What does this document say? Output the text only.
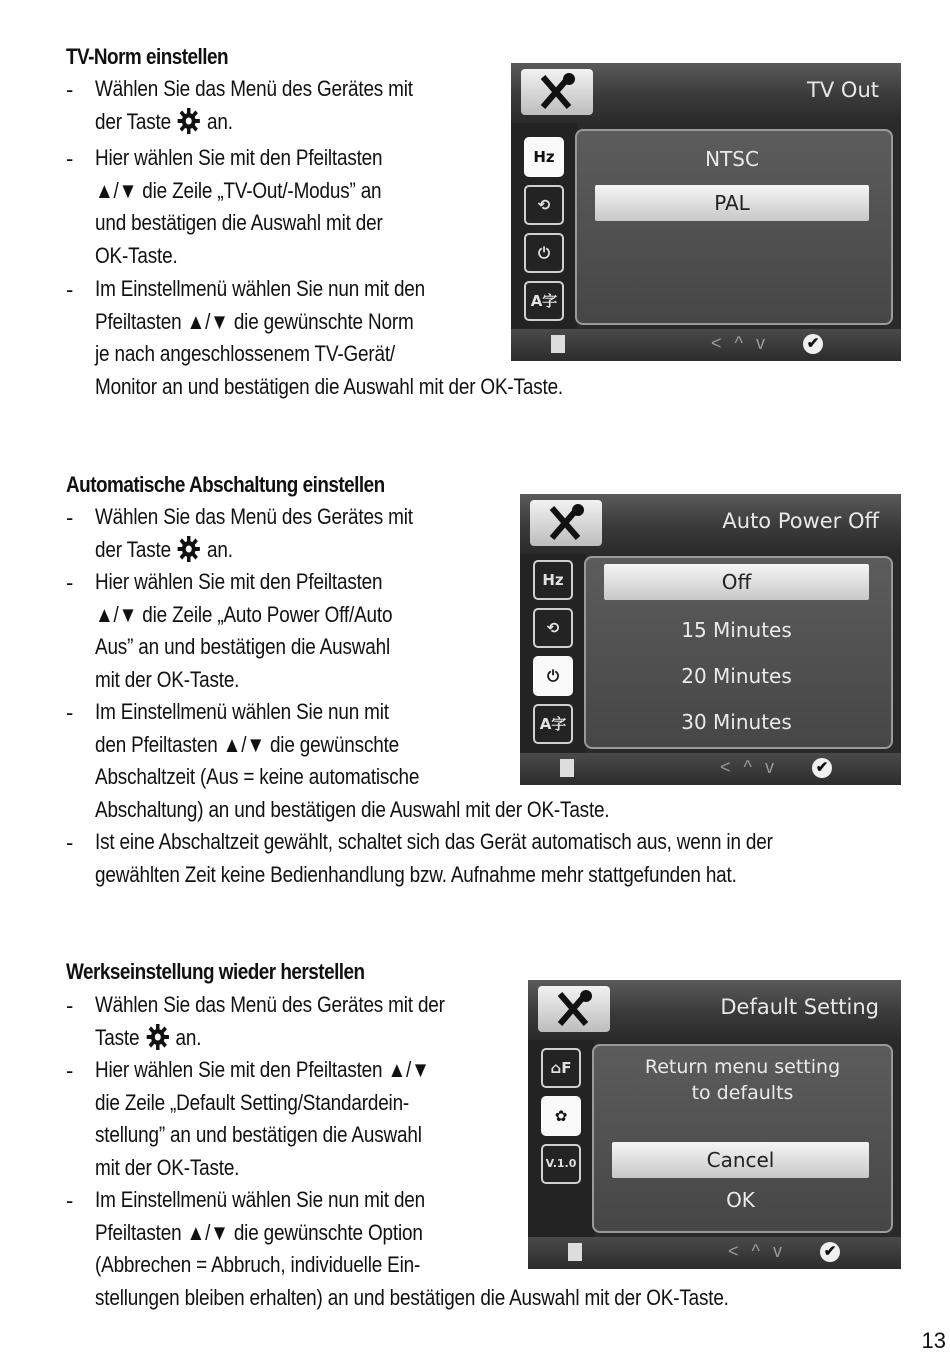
TV-Norm einstellen
- Wählen Sie das Menü des Gerätes mit
der Taste an.
- Hier wählen Sie mit den Pfeiltasten
▲/▼ die Zeile „TV-Out/-Modus” an
und bestätigen die Auswahl mit der
OK-Taste.
- Im Einstellmenü wählen Sie nun mit den
Pfeiltasten ▲/▼ die gewünschte Norm
je nach angeschlossenem TV-Gerät/
Monitor an und bestätigen die Auswahl mit der OK-Taste.
TV Out
Hz
⟲
⏻
A字
NTSC
PAL
< ^ v	✔
Automatische Abschaltung einstellen
- Wählen Sie das Menü des Gerätes mit
der Taste an.
- Hier wählen Sie mit den Pfeiltasten
▲/▼ die Zeile „Auto Power Off/Auto
Aus” an und bestätigen die Auswahl
mit der OK-Taste.
- Im Einstellmenü wählen Sie nun mit
den Pfeiltasten ▲/▼ die gewünschte
Abschaltzeit (Aus = keine automatische
Abschaltung) an und bestätigen die Auswahl mit der OK-Taste.
- Ist eine Abschaltzeit gewählt, schaltet sich das Gerät automatisch aus, wenn in der
gewählten Zeit keine Bedienhandlung bzw. Aufnahme mehr stattgefunden hat.
Auto Power Off
Hz
⟲
⏻
A字
Off
15 Minutes
20 Minutes
30 Minutes
< ^ v	✔
Werkseinstellung wieder herstellen
- Wählen Sie das Menü des Gerätes mit der
Taste an.
- Hier wählen Sie mit den Pfeiltasten ▲/▼
die Zeile „Default Setting/Standardein-
stellung” an und bestätigen die Auswahl
mit der OK-Taste.
- Im Einstellmenü wählen Sie nun mit den
Pfeiltasten ▲/▼ die gewünschte Option
(Abbrechen = Abbruch, individuelle Ein-
stellungen bleiben erhalten) an und bestätigen die Auswahl mit der OK-Taste.
Default Setting
⌂F
✿
V.1.0
Return menu setting
to defaults
Cancel
OK
< ^ v	✔
13
